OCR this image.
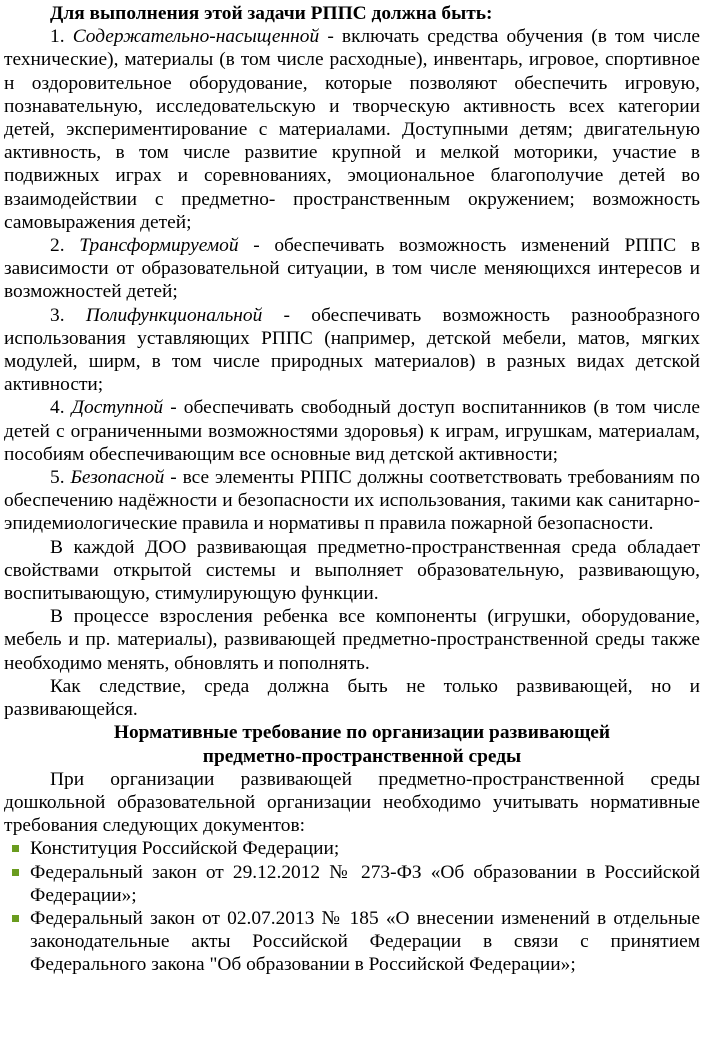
Для выполнения этой задачи РППС должна быть:

1. Содержательно-насыщенной - включать средства обучения (в том числе технические), материалы (в том числе расходные), инвентарь, игровое, спортивное н оздоровительное оборудование, которые позволяют обеспечить игровую, познавательную, исследовательскую и творческую активность всех категории детей, экспериментирование с материалами. Доступными детям; двигательную активность, в том числе развитие крупной и мелкой моторики, участие в подвижных играх и соревнованиях, эмоциональное благополучие детей во взаимодействии с предметно- пространственным окружением; возможность самовыражения детей;

2. Трансформируемой - обеспечивать возможность изменений РППС в зависимости от образовательной ситуации, в том числе меняющихся интересов и возможностей детей;

3. Полифункциональной - обеспечивать возможность разнообразного использования уставляющих РППС (например, детской мебели, матов, мягких модулей, ширм, в том числе природных материалов) в разных видах детской активности;

4. Доступной - обеспечивать свободный доступ воспитанников (в том числе детей с ограниченными возможностями здоровья) к играм, игрушкам, материалам, пособиям обеспечивающим все основные вид детской активности;

5. Безопасной - все элементы РППС должны соответствовать требованиям по обеспечению надёжности и безопасности их использования, такими как санитарно- эпидемиологические правила и нормативы п правила пожарной безопасности.

В каждой ДОО развивающая предметно-пространственная среда обладает свойствами открытой системы и выполняет образовательную, развивающую, воспитывающую, стимулирующую функции.

В процессе взросления ребенка все компоненты (игрушки, оборудование, мебель и пр. материалы), развивающей предметно-пространственной среды также необходимо менять, обновлять и пополнять.

Как следствие, среда должна быть не только развивающей, но и развивающейся.

Нормативные требование по организации развивающей
предметно-пространственной среды

При организации развивающей предметно-пространственной среды дошкольной образовательной организации необходимо учитывать нормативные требования следующих документов:

Конституция Российской Федерации;
Федеральный закон от 29.12.2012 № 273-ФЗ «Об образовании в Российской Федерации»;
Федеральный закон от 02.07.2013 № 185 «О внесении изменений в отдельные законодательные акты Российской Федерации в связи с принятием Федерального закона "Об образовании в Российской Федерации»;
